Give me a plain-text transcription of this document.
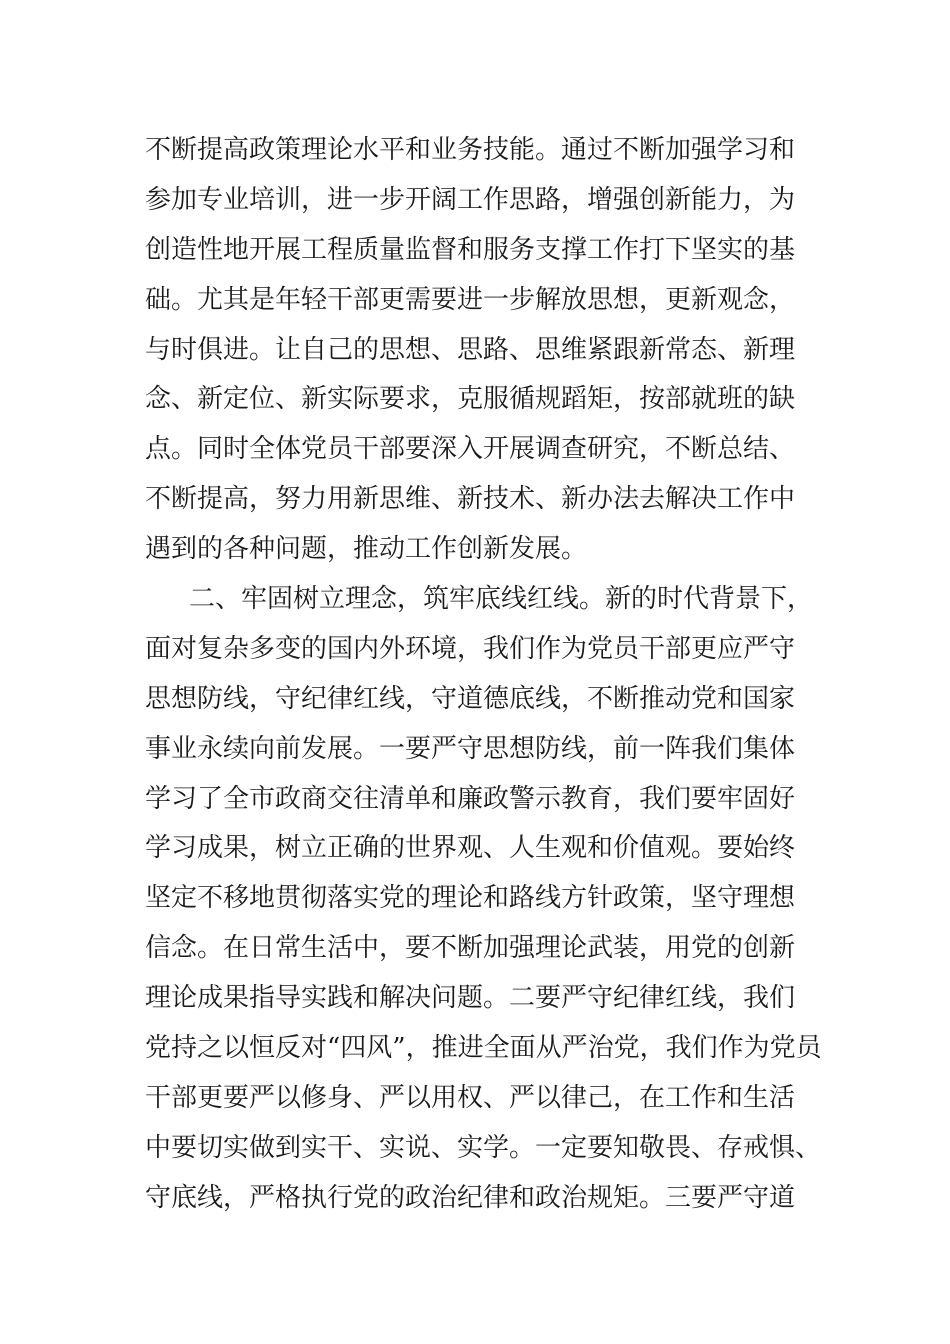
不断提高政策理论水平和业务技能。通过不断加强学习和
参加专业培训，进一步开阔工作思路，增强创新能力，为
创造性地开展工程质量监督和服务支撑工作打下坚实的基
础。尤其是年轻干部更需要进一步解放思想，更新观念，
与时俱进。让自己的思想、思路、思维紧跟新常态、新理
念、新定位、新实际要求，克服循规蹈矩，按部就班的缺
点。同时全体党员干部要深入开展调查研究，不断总结、
不断提高，努力用新思维、新技术、新办法去解决工作中
遇到的各种问题，推动工作创新发展。
二、牢固树立理念，筑牢底线红线。新的时代背景下，
面对复杂多变的国内外环境，我们作为党员干部更应严守
思想防线，守纪律红线，守道德底线，不断推动党和国家
事业永续向前发展。一要严守思想防线，前一阵我们集体
学习了全市政商交往清单和廉政警示教育，我们要牢固好
学习成果，树立正确的世界观、人生观和价值观。要始终
坚定不移地贯彻落实党的理论和路线方针政策，坚守理想
信念。在日常生活中，要不断加强理论武装，用党的创新
理论成果指导实践和解决问题。二要严守纪律红线，我们
党持之以恒反对“四风”，推进全面从严治党，我们作为党员
干部更要严以修身、严以用权、严以律己，在工作和生活
中要切实做到实干、实说、实学。一定要知敬畏、存戒惧、
守底线，严格执行党的政治纪律和政治规矩。三要严守道
